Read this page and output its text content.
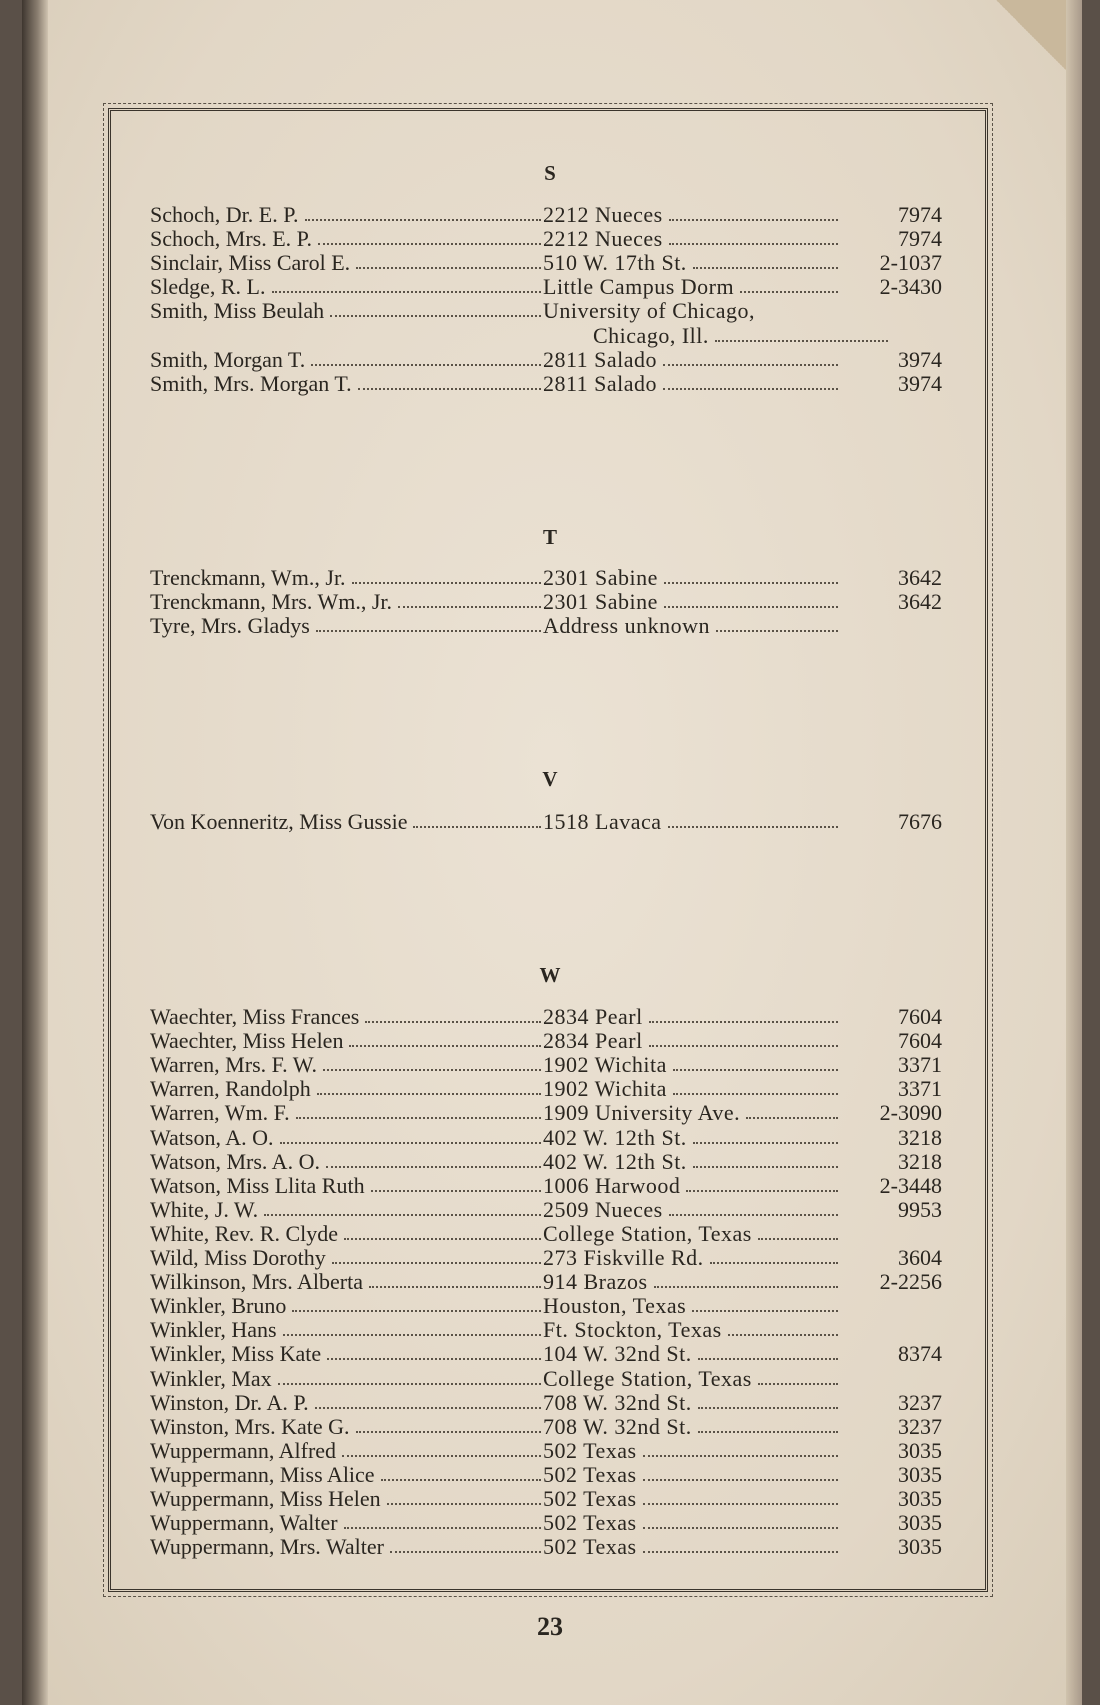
S
Schoch, Dr. E. P.	2212 Nueces	7974
Schoch, Mrs. E. P.	2212 Nueces	7974
Sinclair, Miss Carol E.	510 W. 17th St.	2-1037
Sledge, R. L.	Little Campus Dorm	2-3430
Smith, Miss Beulah	University of Chicago,
Chicago, Ill.
Smith, Morgan T.	2811 Salado	3974
Smith, Mrs. Morgan T.	2811 Salado	3974
T
Trenckmann, Wm., Jr.	2301 Sabine	3642
Trenckmann, Mrs. Wm., Jr.	2301 Sabine	3642
Tyre, Mrs. Gladys	Address unknown
V
Von Koenneritz, Miss Gussie	1518 Lavaca	7676
W
Waechter, Miss Frances	2834 Pearl	7604
Waechter, Miss Helen	2834 Pearl	7604
Warren, Mrs. F. W.	1902 Wichita	3371
Warren, Randolph	1902 Wichita	3371
Warren, Wm. F.	1909 University Ave.	2-3090
Watson, A. O.	402 W. 12th St.	3218
Watson, Mrs. A. O.	402 W. 12th St.	3218
Watson, Miss Llita Ruth	1006 Harwood	2-3448
White, J. W.	2509 Nueces	9953
White, Rev. R. Clyde	College Station, Texas
Wild, Miss Dorothy	273 Fiskville Rd.	3604
Wilkinson, Mrs. Alberta	914 Brazos	2-2256
Winkler, Bruno	Houston, Texas
Winkler, Hans	Ft. Stockton, Texas
Winkler, Miss Kate	104 W. 32nd St.	8374
Winkler, Max	College Station, Texas
Winston, Dr. A. P.	708 W. 32nd St.	3237
Winston, Mrs. Kate G.	708 W. 32nd St.	3237
Wuppermann, Alfred	502 Texas	3035
Wuppermann, Miss Alice	502 Texas	3035
Wuppermann, Miss Helen	502 Texas	3035
Wuppermann, Walter	502 Texas	3035
Wuppermann, Mrs. Walter	502 Texas	3035
23
